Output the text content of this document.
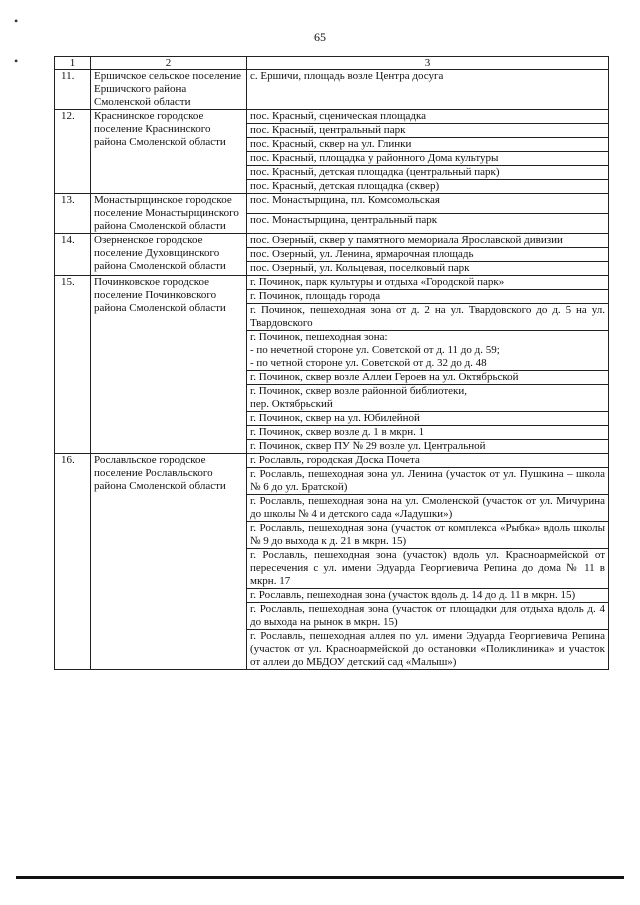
•
•
65
1	2	3
11.	Ершичское сельское поселение Ершичского района Смоленской области	с. Ершичи, площадь возле Центра досуга
12.	Краснинское городское поселение Краснинского района Смоленской области	пос. Красный, сценическая площадка
		пос. Красный, центральный парк
		пос. Красный, сквер на ул. Глинки
		пос. Красный, площадка у районного Дома культуры
		пос. Красный, детская площадка (центральный парк)
		пос. Красный, детская площадка (сквер)
13.	Монастырщинское городское поселение Монастырщинского района Смоленской области	пос. Монастырщина, пл. Комсомольская
		пос. Монастырщина, центральный парк
14.	Озерненское городское поселение Духовщинского района Смоленской области	пос. Озерный, сквер у памятного мемориала Ярославской дивизии
		пос. Озерный, ул. Ленина, ярмарочная площадь
		пос. Озерный, ул. Кольцевая, поселковый парк
15.	Починковское городское поселение Починковского района Смоленской области	г. Починок, парк культуры и отдыха «Городской парк»
		г. Починок, площадь города
		г. Починок, пешеходная зона от д. 2 на ул. Твардовского до д. 5 на ул. Твардовского
		г. Починок, пешеходная зона:
- по нечетной стороне ул. Советской от д. 11 до д. 59;
- по четной стороне ул. Советской от д. 32 до д. 48
		г. Починок, сквер возле Аллеи Героев на ул. Октябрьской
		г. Починок, сквер возле районной библиотеки,
пер. Октябрьский
		г. Починок, сквер на ул. Юбилейной
		г. Починок, сквер возле д. 1 в мкрн. 1
		г. Починок, сквер ПУ № 29 возле ул. Центральной
16.	Рославльское городское поселение Рославльского района Смоленской области	г. Рославль, городская Доска Почета
		г. Рославль, пешеходная зона ул. Ленина (участок от ул. Пушкина – школа № 6 до ул. Братской)
		г. Рославль, пешеходная зона на ул. Смоленской (участок от ул. Мичурина до школы № 4 и детского сада «Ладушки»)
		г. Рославль, пешеходная зона (участок от комплекса «Рыбка» вдоль школы № 9 до выхода к д. 21 в мкрн. 15)
		г. Рославль, пешеходная зона (участок) вдоль ул. Красноармейской от пересечения с ул. имени Эдуарда Георгиевича Репина до дома № 11 в мкрн. 17
		г. Рославль, пешеходная зона (участок вдоль д. 14 до д. 11 в мкрн. 15)
		г. Рославль, пешеходная зона (участок от площадки для отдыха вдоль д. 4 до выхода на рынок в мкрн. 15)
		г. Рославль, пешеходная аллея по ул. имени Эдуарда Георгиевича Репина (участок от ул. Красноармейской до остановки «Поликлиника» и участок от аллеи до МБДОУ детский сад «Малыш»)
